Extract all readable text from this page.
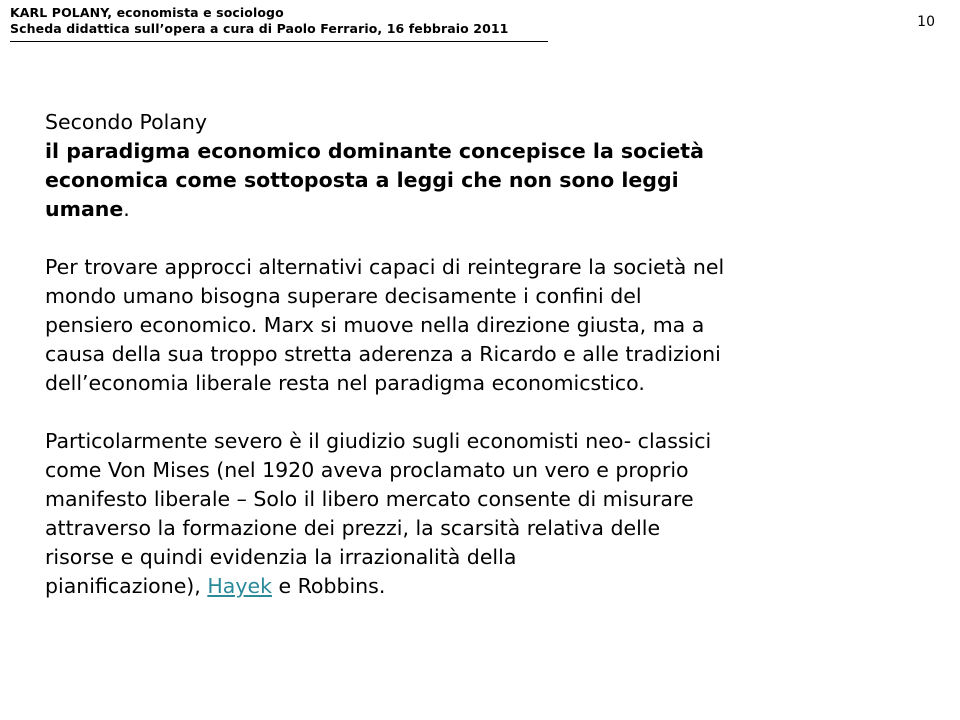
KARL POLANY, economista e sociologo
Scheda didattica sull’opera a cura di Paolo Ferrario, 16 febbraio 2011	10
Secondo Polany
il paradigma economico dominante concepisce la società
economica come sottoposta a leggi che non sono leggi
umane.
Per trovare approcci alternativi capaci di reintegrare la società nel
mondo umano bisogna superare decisamente i confini del
pensiero economico. Marx si muove nella direzione giusta, ma a
causa della sua troppo stretta aderenza a Ricardo e alle tradizioni
dell’economia liberale resta nel paradigma economicstico.
Particolarmente severo è il giudizio sugli economisti neo- classici
come Von Mises (nel 1920 aveva proclamato un vero e proprio
manifesto liberale – Solo il libero mercato consente di misurare
attraverso la formazione dei prezzi, la scarsità relativa delle
risorse e quindi evidenzia la irrazionalità della
pianificazione), Hayek e Robbins.
